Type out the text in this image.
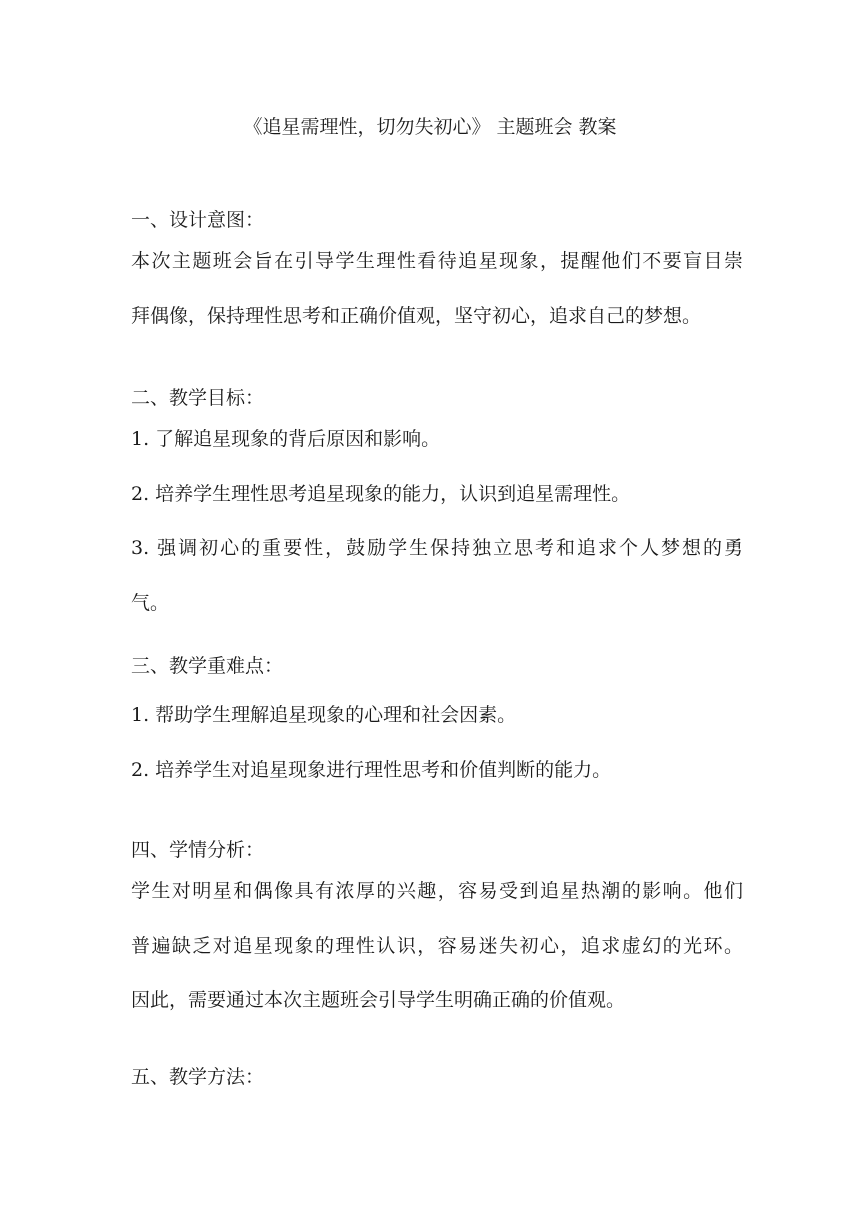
《追星需理性，切勿失初心》 主题班会 教案
一、设计意图：
本次主题班会旨在引导学生理性看待追星现象，提醒他们不要盲目崇
拜偶像，保持理性思考和正确价值观，坚守初心，追求自己的梦想。
二、教学目标：
1. 了解追星现象的背后原因和影响。
2. 培养学生理性思考追星现象的能力，认识到追星需理性。
3. 强调初心的重要性，鼓励学生保持独立思考和追求个人梦想的勇
气。
三、教学重难点：
1. 帮助学生理解追星现象的心理和社会因素。
2. 培养学生对追星现象进行理性思考和价值判断的能力。
四、学情分析：
学生对明星和偶像具有浓厚的兴趣，容易受到追星热潮的影响。他们
普遍缺乏对追星现象的理性认识，容易迷失初心，追求虚幻的光环。
因此，需要通过本次主题班会引导学生明确正确的价值观。
五、教学方法：
